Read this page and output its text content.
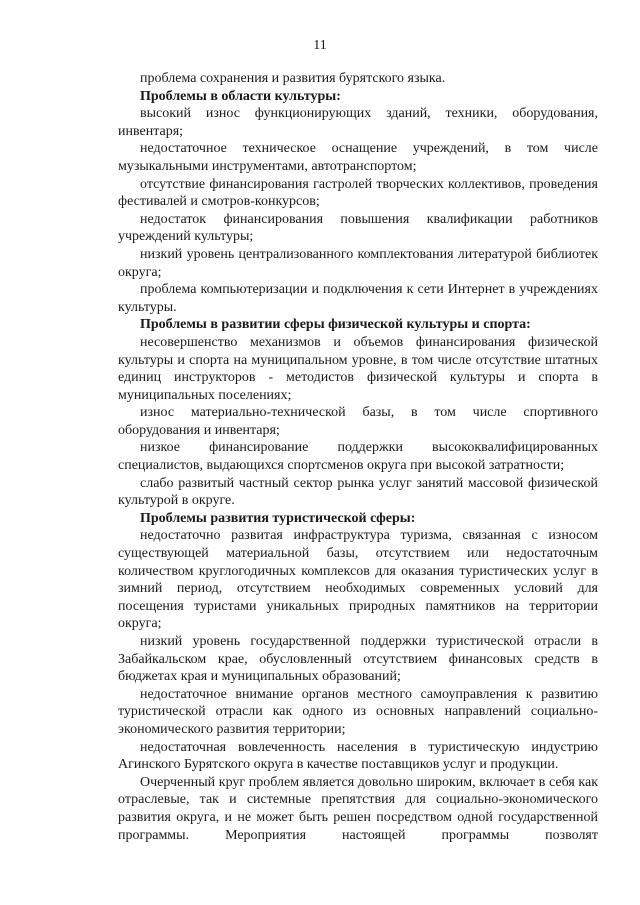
11

проблема сохранения и развития бурятского языка.

Проблемы в области культуры:

высокий износ функционирующих зданий, техники, оборудования, инвентаря;

недостаточное техническое оснащение учреждений, в том числе музыкальными инструментами, автотранспортом;

отсутствие финансирования гастролей творческих коллективов, проведения фестивалей и смотров-конкурсов;

недостаток финансирования повышения квалификации работников учреждений культуры;

низкий уровень централизованного комплектования литературой библиотек округа;

проблема компьютеризации и подключения к сети Интернет в учреждениях культуры.

Проблемы в развитии сферы физической культуры и спорта:

несовершенство механизмов и объемов финансирования физической культуры и спорта на муниципальном уровне, в том числе отсутствие штатных единиц инструкторов - методистов физической культуры и спорта в муниципальных поселениях;

износ материально-технической базы, в том числе спортивного оборудования и инвентаря;

низкое финансирование поддержки высококвалифицированных специалистов, выдающихся спортсменов округа при высокой затратности;

слабо развитый частный сектор рынка услуг занятий массовой физической культурой в округе.

Проблемы развития туристической сферы:

недостаточно развитая инфраструктура туризма, связанная с износом существующей материальной базы, отсутствием или недостаточным количеством круглогодичных комплексов для оказания туристических услуг в зимний период, отсутствием необходимых современных условий для посещения туристами уникальных природных памятников на территории округа;

низкий уровень государственной поддержки туристической отрасли в Забайкальском крае, обусловленный отсутствием финансовых средств в бюджетах края и муниципальных образований;

недостаточное внимание органов местного самоуправления к развитию туристической отрасли как одного из основных направлений социально-экономического развития территории;

недостаточная вовлеченность населения в туристическую индустрию Агинского Бурятского округа в качестве поставщиков услуг и продукции.

Очерченный круг проблем является довольно широким, включает в себя как отраслевые, так и системные препятствия для социально-экономического развития округа, и не может быть решен посредством одной государственной программы. Мероприятия настоящей программы позволят
